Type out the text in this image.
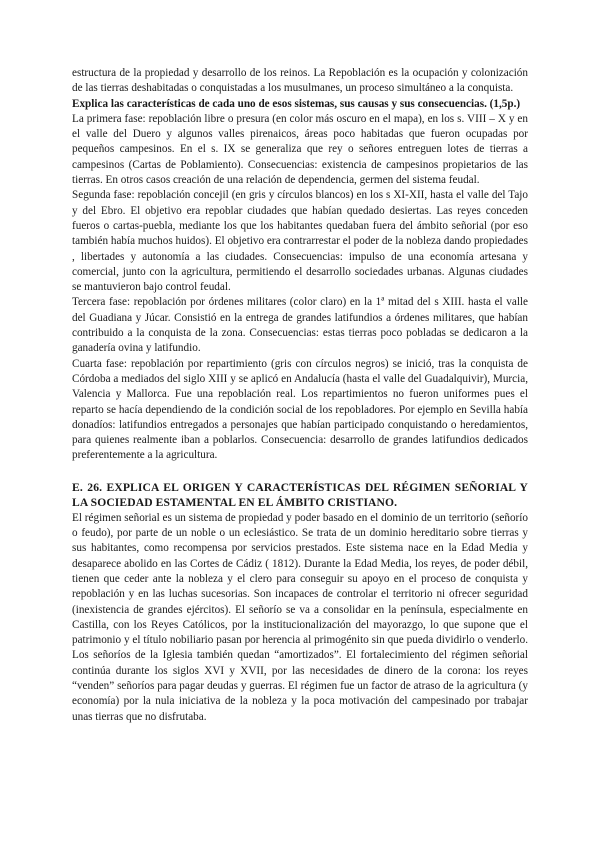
estructura de la propiedad y desarrollo de los reinos. La Repoblación es la ocupación y colonización de las tierras deshabitadas o conquistadas a los musulmanes, un proceso simultáneo a la conquista.

Explica las características de cada uno de esos sistemas, sus causas y sus consecuencias. (1,5p.)

La primera fase: repoblación libre o presura (en color más oscuro en el mapa), en los s. VIII – X y en el valle del Duero y algunos valles pirenaicos, áreas poco habitadas que fueron ocupadas por pequeños campesinos. En el s. IX se generaliza que rey o señores entreguen lotes de tierras a campesinos (Cartas de Poblamiento). Consecuencias: existencia de campesinos propietarios de las tierras. En otros casos creación de una relación de dependencia, germen del sistema feudal.

Segunda fase: repoblación concejil (en gris y círculos blancos) en los s XI-XII, hasta el valle del Tajo y del Ebro. El objetivo era repoblar ciudades que habían quedado desiertas. Las reyes conceden fueros o cartas-puebla, mediante los que los habitantes quedaban fuera del ámbito señorial (por eso también había muchos huidos). El objetivo era contrarrestar el poder de la nobleza dando propiedades , libertades y autonomía a las ciudades. Consecuencias: impulso de una economía artesana y comercial, junto con la agricultura, permitiendo el desarrollo sociedades urbanas. Algunas ciudades se mantuvieron bajo control feudal.

Tercera fase: repoblación por órdenes militares (color claro) en la 1ª mitad del s XIII. hasta el valle del Guadiana y Júcar. Consistió en la entrega de grandes latifundios a órdenes militares, que habían contribuido a la conquista de la zona. Consecuencias: estas tierras poco pobladas se dedicaron a la ganadería ovina y latifundio.

Cuarta fase: repoblación por repartimiento (gris con círculos negros) se inició, tras la conquista de Córdoba a mediados del siglo XIII y se aplicó en Andalucía (hasta el valle del Guadalquivir), Murcia, Valencia y Mallorca. Fue una repoblación real. Los repartimientos no fueron uniformes pues el reparto se hacía dependiendo de la condición social de los repobladores. Por ejemplo en Sevilla había donadíos: latifundios entregados a personajes que habían participado conquistando o heredamientos, para quienes realmente iban a poblarlos. Consecuencia: desarrollo de grandes latifundios dedicados preferentemente a la agricultura.

E. 26. EXPLICA EL ORIGEN Y CARACTERÍSTICAS DEL RÉGIMEN SEÑORIAL Y LA SOCIEDAD ESTAMENTAL EN EL ÁMBITO CRISTIANO.

El régimen señorial es un sistema de propiedad y poder basado en el dominio de un territorio (señorío o feudo), por parte de un noble o un eclesiástico. Se trata de un dominio hereditario sobre tierras y sus habitantes, como recompensa por servicios prestados. Este sistema nace en la Edad Media y desaparece abolido en las Cortes de Cádiz ( 1812). Durante la Edad Media, los reyes, de poder débil, tienen que ceder ante la nobleza y el clero para conseguir su apoyo en el proceso de conquista y repoblación y en las luchas sucesorias. Son incapaces de controlar el territorio ni ofrecer seguridad (inexistencia de grandes ejércitos). El señorío se va a consolidar en la península, especialmente en Castilla, con los Reyes Católicos, por la institucionalización del mayorazgo, lo que supone que el patrimonio y el título nobiliario pasan por herencia al primogénito sin que pueda dividirlo o venderlo. Los señoríos de la Iglesia también quedan “amortizados”. El fortalecimiento del régimen señorial continúa durante los siglos XVI y XVII, por las necesidades de dinero de la corona: los reyes “venden” señoríos para pagar deudas y guerras. El régimen fue un factor de atraso de la agricultura (y economía) por la nula iniciativa de la nobleza y la poca motivación del campesinado por trabajar unas tierras que no disfrutaba.
